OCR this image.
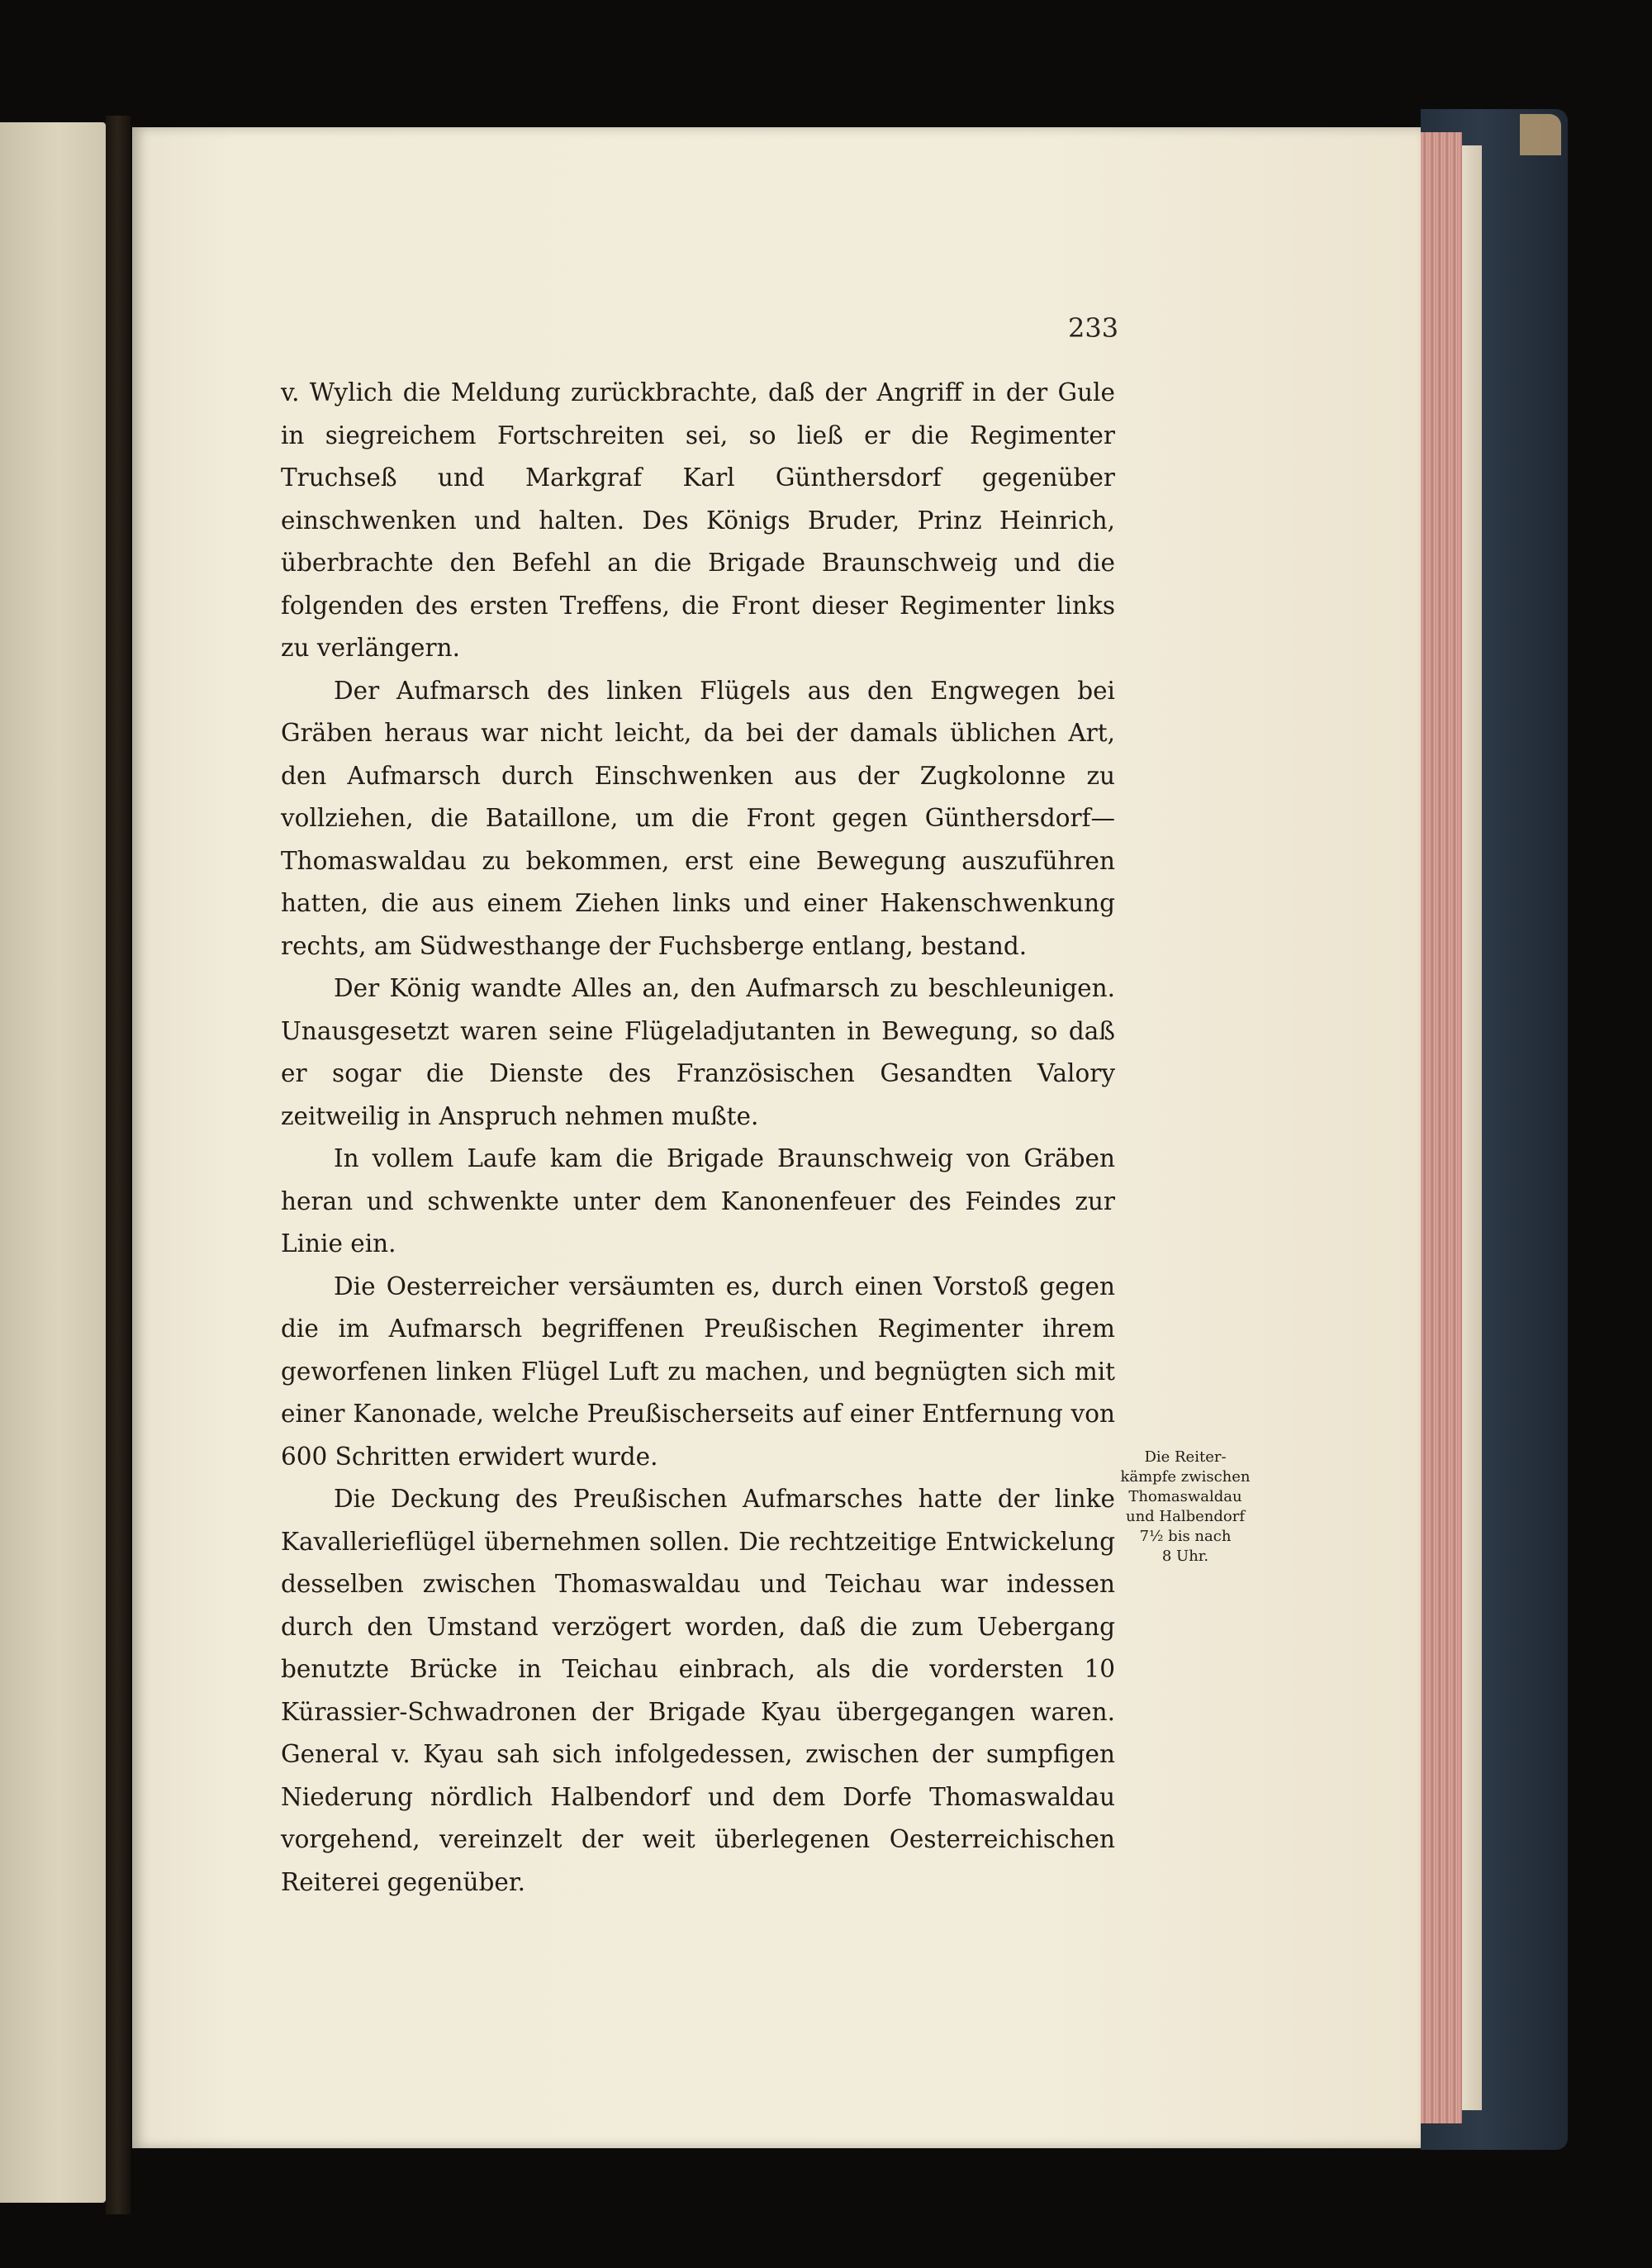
233

v. Wylich die Meldung zurückbrachte, daß der Angriff in der Gule in siegreichem Fortschreiten sei, so ließ er die Regimenter Truchseß und Markgraf Karl Günthersdorf gegenüber einschwenken und halten. Des Königs Bruder, Prinz Heinrich, überbrachte den Befehl an die Brigade Braunschweig und die folgenden des ersten Treffens, die Front dieser Regimenter links zu verlängern.

Der Aufmarsch des linken Flügels aus den Engwegen bei Gräben heraus war nicht leicht, da bei der damals üblichen Art, den Aufmarsch durch Einschwenken aus der Zugkolonne zu vollziehen, die Bataillone, um die Front gegen Günthersdorf—Thomaswaldau zu bekommen, erst eine Bewegung auszuführen hatten, die aus einem Ziehen links und einer Hakenschwenkung rechts, am Südwesthange der Fuchsberge entlang, bestand.

Der König wandte Alles an, den Aufmarsch zu beschleunigen. Unausgesetzt waren seine Flügeladjutanten in Bewegung, so daß er sogar die Dienste des Französischen Gesandten Valory zeitweilig in Anspruch nehmen mußte.

In vollem Laufe kam die Brigade Braunschweig von Gräben heran und schwenkte unter dem Kanonenfeuer des Feindes zur Linie ein.

Die Oesterreicher versäumten es, durch einen Vorstoß gegen die im Aufmarsch begriffenen Preußischen Regimenter ihrem geworfenen linken Flügel Luft zu machen, und begnügten sich mit einer Kanonade, welche Preußischerseits auf einer Entfernung von 600 Schritten erwidert wurde.

Die Deckung des Preußischen Aufmarsches hatte der linke Kavallerieflügel übernehmen sollen. Die rechtzeitige Entwickelung desselben zwischen Thomaswaldau und Teichau war indessen durch den Umstand verzögert worden, daß die zum Uebergang benutzte Brücke in Teichau einbrach, als die vordersten 10 Kürassier-Schwadronen der Brigade Kyau übergegangen waren. General v. Kyau sah sich infolgedessen, zwischen der sumpfigen Niederung nördlich Halbendorf und dem Dorfe Thomaswaldau vorgehend, vereinzelt der weit überlegenen Oesterreichischen Reiterei gegenüber.

Die Reiter-
kämpfe zwischen
Thomaswaldau
und Halbendorf
7½ bis nach
8 Uhr.
